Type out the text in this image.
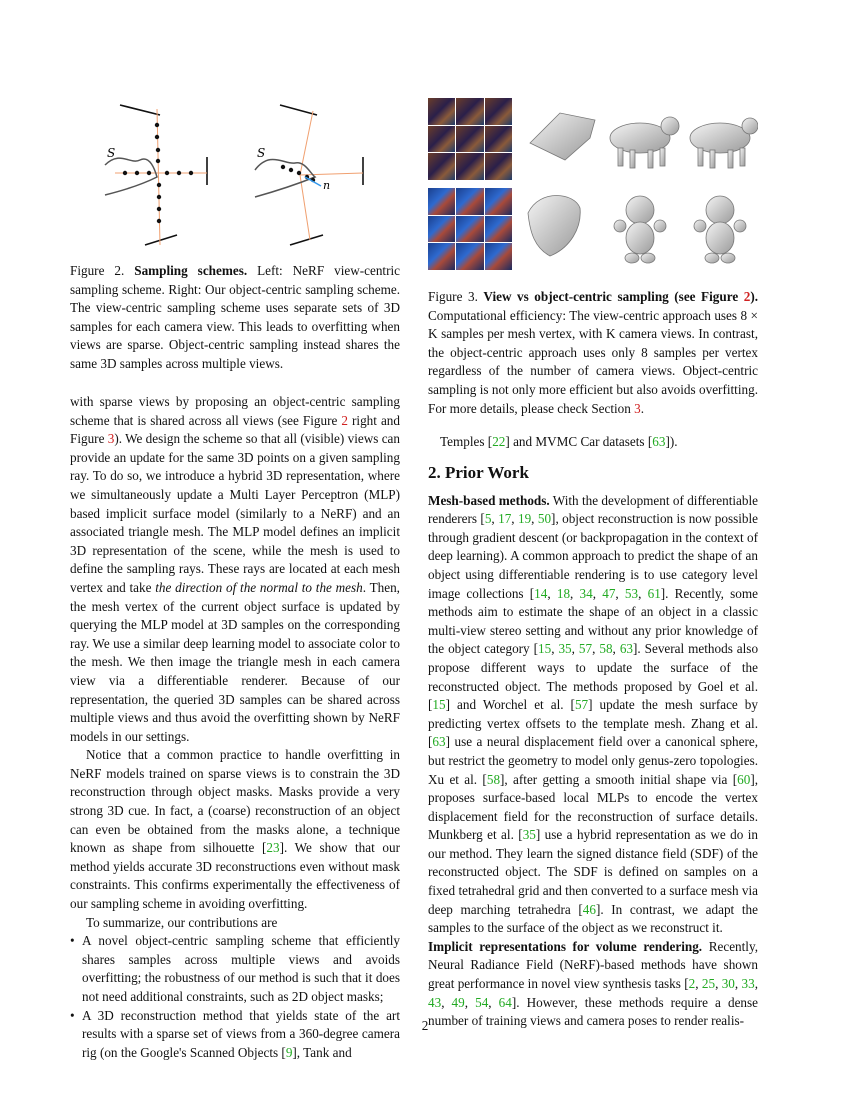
S	S
n
Figure 2. Sampling schemes. Left: NeRF view-centric sampling scheme. Right: Our object-centric sampling scheme. The view-centric sampling scheme uses separate sets of 3D samples for each camera view. This leads to overfitting when views are sparse. Object-centric sampling instead shares the same 3D samples across multiple views.
Figure 3. View vs object-centric sampling (see Figure 2). Computational efficiency: The view-centric approach uses 8 × K samples per mesh vertex, with K camera views. In contrast, the object-centric approach uses only 8 samples per vertex regardless of the number of camera views. Object-centric sampling is not only more efficient but also avoids overfitting. For more details, please check Section 3.

with sparse views by proposing an object-centric sampling scheme that is shared across all views (see Figure 2 right and Figure 3). We design the scheme so that all (visible) views can provide an update for the same 3D points on a given sampling ray. To do so, we introduce a hybrid 3D representation, where we simultaneously update a Multi Layer Perceptron (MLP) based implicit surface model (similarly to a NeRF) and an associated triangle mesh. The MLP model defines an implicit 3D representation of the scene, while the mesh is used to define the sampling rays. These rays are located at each mesh vertex and take the direction of the normal to the mesh. Then, the mesh vertex of the current object surface is updated by querying the MLP model at 3D samples on the corresponding ray. We use a similar deep learning model to associate color to the mesh. We then image the triangle mesh in each camera view via a differentiable renderer. Because of our representation, the queried 3D samples can be shared across multiple views and thus avoid the overfitting shown by NeRF models in our settings.

Notice that a common practice to handle overfitting in NeRF models trained on sparse views is to constrain the 3D reconstruction through object masks. Masks provide a very strong 3D cue. In fact, a (coarse) reconstruction of an object can even be obtained from the masks alone, a technique known as shape from silhouette [23]. We show that our method yields accurate 3D reconstructions even without mask constraints. This confirms experimentally the effectiveness of our sampling scheme in avoiding overfitting.

To summarize, our contributions are

• A novel object-centric sampling scheme that efficiently shares samples across multiple views and avoids overfitting; the robustness of our method is such that it does not need additional constraints, such as 2D object masks;
• A 3D reconstruction method that yields state of the art results with a sparse set of views from a 360-degree camera rig (on the Google's Scanned Objects [9], Tank and

Temples [22] and MVMC Car datasets [63]).

2. Prior Work

Mesh-based methods. With the development of differentiable renderers [5, 17, 19, 50], object reconstruction is now possible through gradient descent (or backpropagation in the context of deep learning). A common approach to predict the shape of an object using differentiable rendering is to use category level image collections [14, 18, 34, 47, 53, 61]. Recently, some methods aim to estimate the shape of an object in a classic multi-view stereo setting and without any prior knowledge of the object category [15, 35, 57, 58, 63]. Several methods also propose different ways to update the surface of the reconstructed object. The methods proposed by Goel et al. [15] and Worchel et al. [57] update the mesh surface by predicting vertex offsets to the template mesh. Zhang et al. [63] use a neural displacement field over a canonical sphere, but restrict the geometry to model only genus-zero topologies. Xu et al. [58], after getting a smooth initial shape via [60], proposes surface-based local MLPs to encode the vertex displacement field for the reconstruction of surface details. Munkberg et al. [35] use a hybrid representation as we do in our method. They learn the signed distance field (SDF) of the reconstructed object. The SDF is defined on samples on a fixed tetrahedral grid and then converted to a surface mesh via deep marching tetrahedra [46]. In contrast, we adapt the samples to the surface of the object as we reconstruct it.

Implicit representations for volume rendering. Recently, Neural Radiance Field (NeRF)-based methods have shown great performance in novel view synthesis tasks [2, 25, 30, 33, 43, 49, 54, 64]. However, these methods require a dense number of training views and camera poses to render realis-

2
